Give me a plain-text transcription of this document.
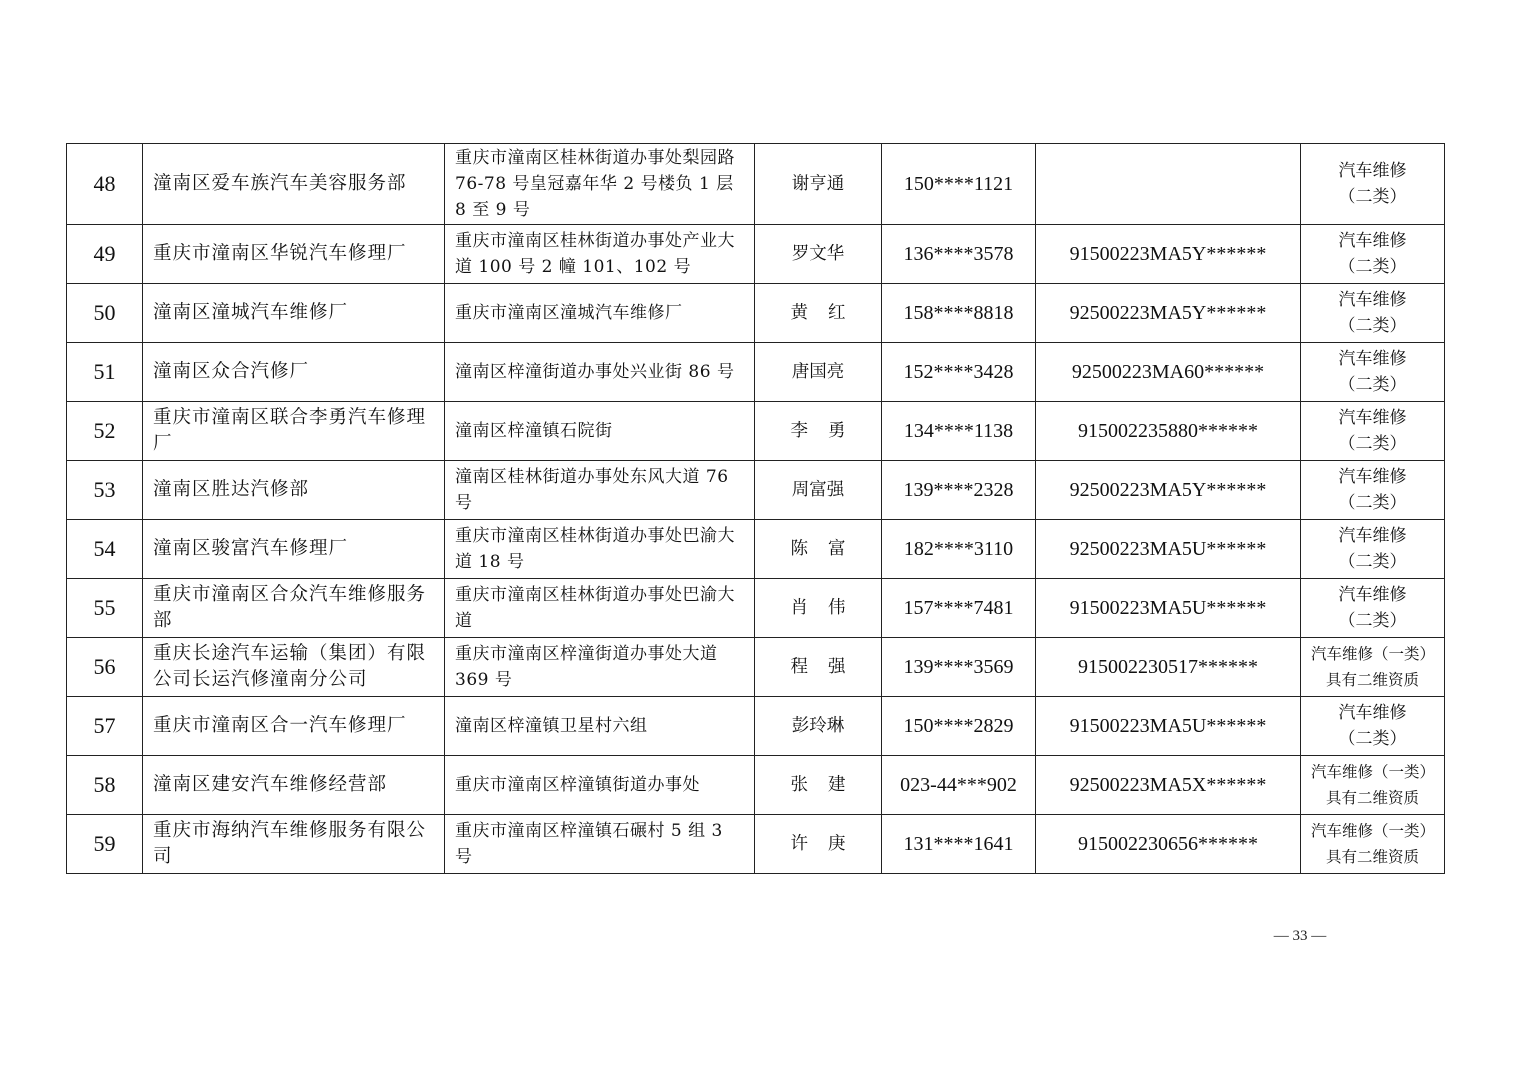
48	潼南区爱车族汽车美容服务部	重庆市潼南区桂林街道办事处梨园路 76-78 号皇冠嘉年华 2 号楼负 1 层 8 至 9 号	谢亨通	150****1121		汽车维修
（二类）

49	重庆市潼南区华锐汽车修理厂	重庆市潼南区桂林街道办事处产业大道 100 号 2 幢 101、102 号	罗文华	136****3578	91500223MA5Y******	汽车维修
（二类）

50	潼南区潼城汽车维修厂	重庆市潼南区潼城汽车维修厂	黄红	158****8818	92500223MA5Y******	汽车维修
（二类）

51	潼南区众合汽修厂	潼南区梓潼街道办事处兴业街 86 号	唐国亮	152****3428	92500223MA60******	汽车维修
（二类）

52	重庆市潼南区联合李勇汽车修理厂	潼南区梓潼镇石院街	李勇	134****1138	915002235880******	汽车维修
（二类）

53	潼南区胜达汽修部	潼南区桂林街道办事处东风大道 76 号	周富强	139****2328	92500223MA5Y******	汽车维修
（二类）

54	潼南区骏富汽车修理厂	重庆市潼南区桂林街道办事处巴渝大道 18 号	陈富	182****3110	92500223MA5U******	汽车维修
（二类）

55	重庆市潼南区合众汽车维修服务部	重庆市潼南区桂林街道办事处巴渝大道	肖伟	157****7481	91500223MA5U******	汽车维修
（二类）

56	重庆长途汽车运输（集团）有限公司长运汽修潼南分公司	重庆市潼南区梓潼街道办事处大道 369 号	程强	139****3569	915002230517******	汽车维修（一类）
具有二维资质

57	重庆市潼南区合一汽车修理厂	潼南区梓潼镇卫星村六组	彭玲琳	150****2829	91500223MA5U******	汽车维修
（二类）

58	潼南区建安汽车维修经营部	重庆市潼南区梓潼镇街道办事处	张建	023-44***902	92500223MA5X******	汽车维修（一类）
具有二维资质

59	重庆市海纳汽车维修服务有限公司	重庆市潼南区梓潼镇石碾村 5 组 3 号	许庚	131****1641	915002230656******	汽车维修（一类）
具有二维资质
— 33 —
